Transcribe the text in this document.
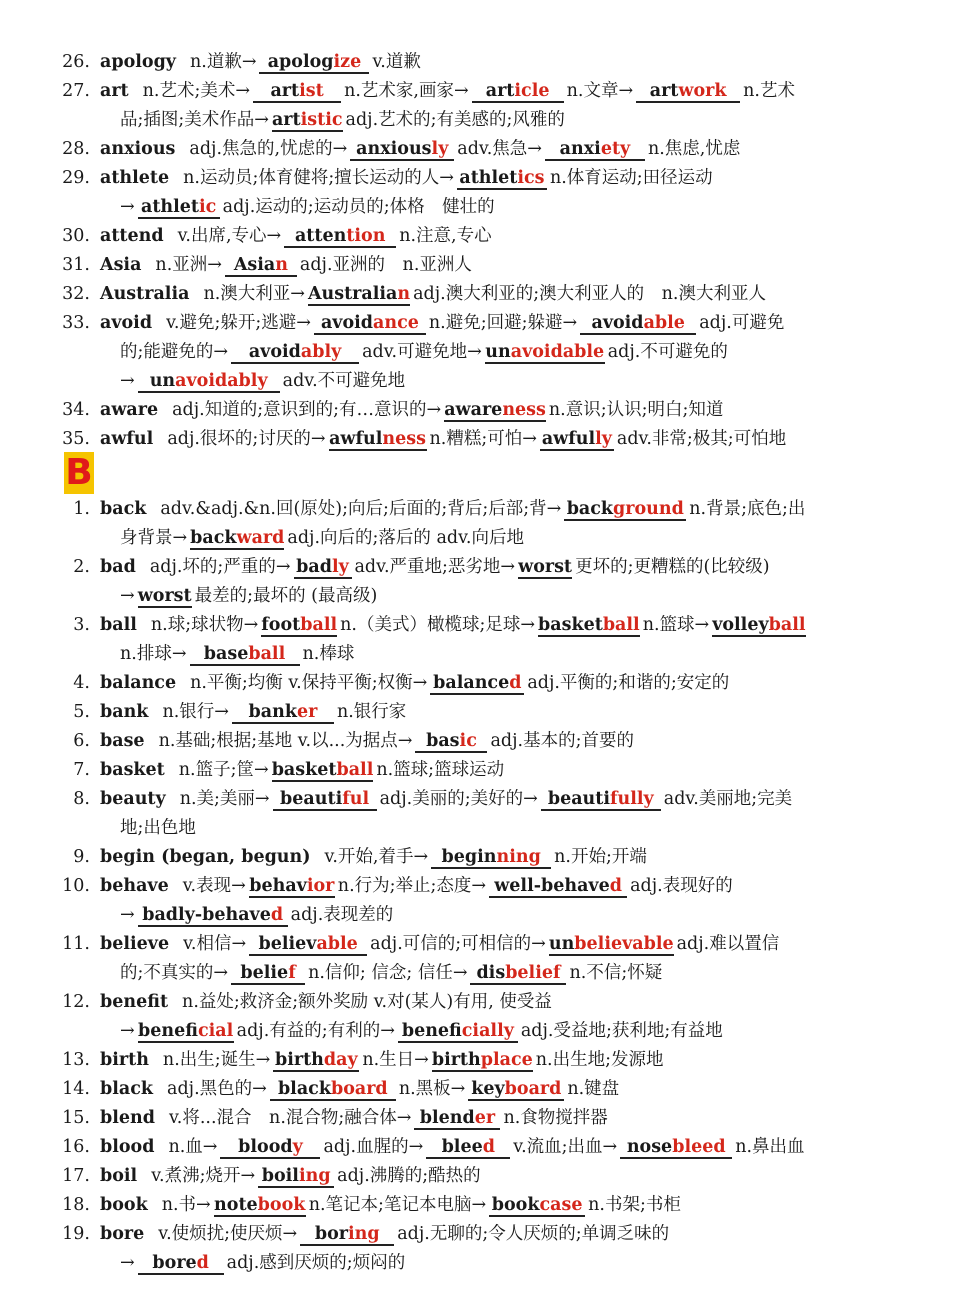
B
26. apology n.道歉→ apologize v.道歉
27. art n.艺术;美术→ artist n.艺术家,画家→ article n.文章→ artwork n.艺术
品;插图;美术作品→ artistic adj.艺术的;有美感的;风雅的
28. anxious adj.焦急的,忧虑的→ anxiously adv.焦急→ anxiety n.焦虑,忧虑
29. athlete n.运动员;体育健将;擅长运动的人→ athletics n.体育运动;田径运动
→ athletic adj.运动的;运动员的;体格　健壮的
30. attend v.出席,专心→ attention n.注意,专心
31. Asia n.亚洲→ Asian adj.亚洲的　n.亚洲人
32. Australia n.澳大利亚→ Australian adj.澳大利亚的;澳大利亚人的　n.澳大利亚人
33. avoid v.避免;躲开;逃避→ avoidance n.避免;回避;躲避→ avoidable adj.可避免
的;能避免的→ avoidably adv.可避免地→ unavoidable adj.不可避免的
→ unavoidably adv.不可避免地
34. aware adj.知道的;意识到的;有…意识的→ awareness n.意识;认识;明白;知道
35. awful adj.很坏的;讨厌的→ awfulness n.糟糕;可怕→ awfully adv.非常;极其;可怕地
1. back adv.&adj.&n.回(原处);向后;后面的;背后;后部;背→ background n.背景;底色;出
身背景→ backward adj.向后的;落后的 adv.向后地
2. bad adj.坏的;严重的→ badly adv.严重地;恶劣地→ worst 更坏的;更糟糕的(比较级)
→ worst 最差的;最坏的 (最高级)
3. ball n.球;球状物→ football n.（美式）橄榄球;足球→ basketball n.篮球→ volleyball
n.排球→ baseball n.棒球
4. balance n.平衡;均衡 v.保持平衡;权衡→ balanced adj.平衡的;和谐的;安定的
5. bank n.银行→ banker n.银行家
6. base n.基础;根据;基地 v.以...为据点→ basic adj.基本的;首要的
7. basket n.篮子;筐→ basketball n.篮球;篮球运动
8. beauty n.美;美丽→ beautiful adj.美丽的;美好的→ beautifully adv.美丽地;完美
地;出色地
9. begin (began, begun) v.开始,着手→ beginning n.开始;开端
10. behave v.表现→ behavior n.行为;举止;态度→ well-behaved adj.表现好的
→ badly-behaved adj.表现差的
11. believe v.相信→ believable adj.可信的;可相信的→ unbelievable adj.难以置信
的;不真实的→ belief n.信仰; 信念; 信任→ disbelief n.不信;怀疑
12. benefit n.益处;救济金;额外奖励 v.对(某人)有用, 使受益
→ beneficial adj.有益的;有利的→ beneficially adj.受益地;获利地;有益地
13. birth n.出生;诞生→ birthday n.生日→ birthplace n.出生地;发源地
14. black adj.黑色的→ blackboard n.黑板→ keyboard n.键盘
15. blend v.将...混合　n.混合物;融合体→ blender n.食物搅拌器
16. blood n.血→ bloody adj.血腥的→ bleed v.流血;出血→ nosebleed n.鼻出血
17. boil v.煮沸;烧开→ boiling adj.沸腾的;酷热的
18. book n.书→ notebook n.笔记本;笔记本电脑→ bookcase n.书架;书柜
19. bore v.使烦扰;使厌烦→ boring adj.无聊的;令人厌烦的;单调乏味的
→ bored adj.感到厌烦的;烦闷的
